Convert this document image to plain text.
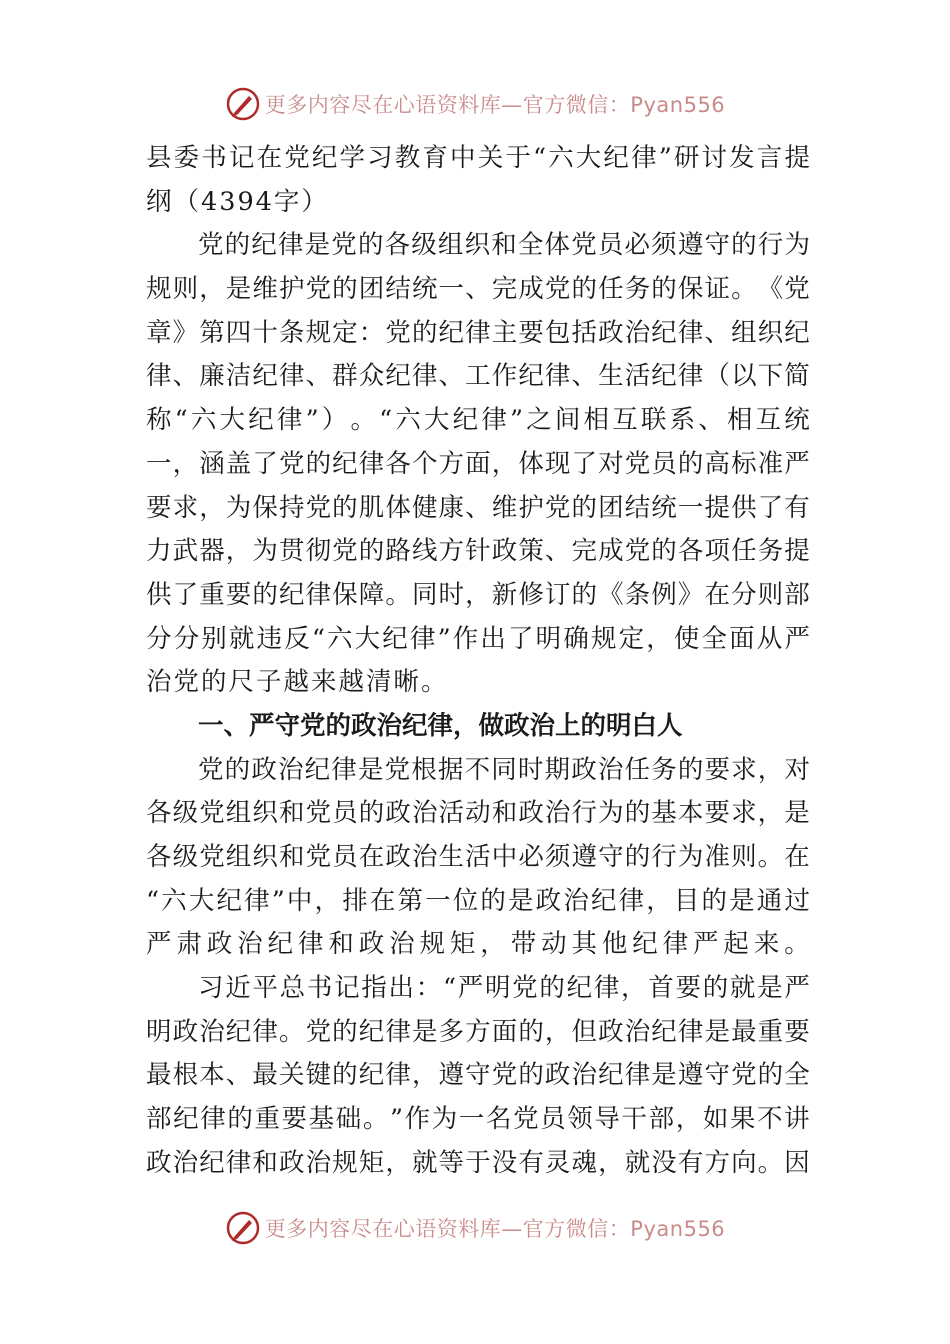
更多内容尽在心语资料库—官方微信：Pyan556
县 委 书 记 在 党 纪 学 习 教 育 中 关 于 “ 六 大 纪 律 ” 研 讨 发 言 提
纲（4394字）
党 的 纪 律 是 党 的 各 级 组 织 和 全 体 党 员 必 须 遵 守 的 行 为
规 则 ， 是 维 护 党 的 团 结 统 一 、 完 成 党 的 任 务 的 保 证 。 《 党
章 》 第 四 十 条 规 定 ： 党 的 纪 律 主 要 包 括 政 治 纪 律 、 组 织 纪
律 、 廉 洁 纪 律 、 群 众 纪 律 、 工 作 纪 律 、 生 活 纪 律 （ 以 下 简
称 “ 六 大 纪 律 ” ） 。 “ 六 大 纪 律 ” 之 间 相 互 联 系 、 相 互 统
一 ， 涵 盖 了 党 的 纪 律 各 个 方 面 ， 体 现 了 对 党 员 的 高 标 准 严
要 求 ， 为 保 持 党 的 肌 体 健 康 、 维 护 党 的 团 结 统 一 提 供 了 有
力 武 器 ， 为 贯 彻 党 的 路 线 方 针 政 策 、 完 成 党 的 各 项 任 务 提
供 了 重 要 的 纪 律 保 障 。 同 时 ， 新 修 订 的 《 条 例 》 在 分 则 部
分 分 别 就 违 反 “ 六 大 纪 律 ” 作 出 了 明 确 规 定 ， 使 全 面 从 严
治党的尺子越来越清晰。
一、严守党的政治纪律，做政治上的明白人
党 的 政 治 纪 律 是 党 根 据 不 同 时 期 政 治 任 务 的 要 求 ， 对
各 级 党 组 织 和 党 员 的 政 治 活 动 和 政 治 行 为 的 基 本 要 求 ， 是
各 级 党 组 织 和 党 员 在 政 治 生 活 中 必 须 遵 守 的 行 为 准 则 。 在
“ 六 大 纪 律 ” 中 ， 排 在 第 一 位 的 是 政 治 纪 律 ， 目 的 是 通 过
严 肃 政 治 纪 律 和 政 治 规 矩 ， 带 动 其 他 纪 律 严 起 来 。
习 近 平 总 书 记 指 出 ： “ 严 明 党 的 纪 律 ， 首 要 的 就 是 严
明 政 治 纪 律 。 党 的 纪 律 是 多 方 面 的 ， 但 政 治 纪 律 是 最 重 要
最 根 本 、 最 关 键 的 纪 律 ， 遵 守 党 的 政 治 纪 律 是 遵 守 党 的 全
部 纪 律 的 重 要 基 础 。 ” 作 为 一 名 党 员 领 导 干 部 ， 如 果 不 讲
政 治 纪 律 和 政 治 规 矩 ， 就 等 于 没 有 灵 魂 ， 就 没 有 方 向 。 因
更多内容尽在心语资料库—官方微信：Pyan556
